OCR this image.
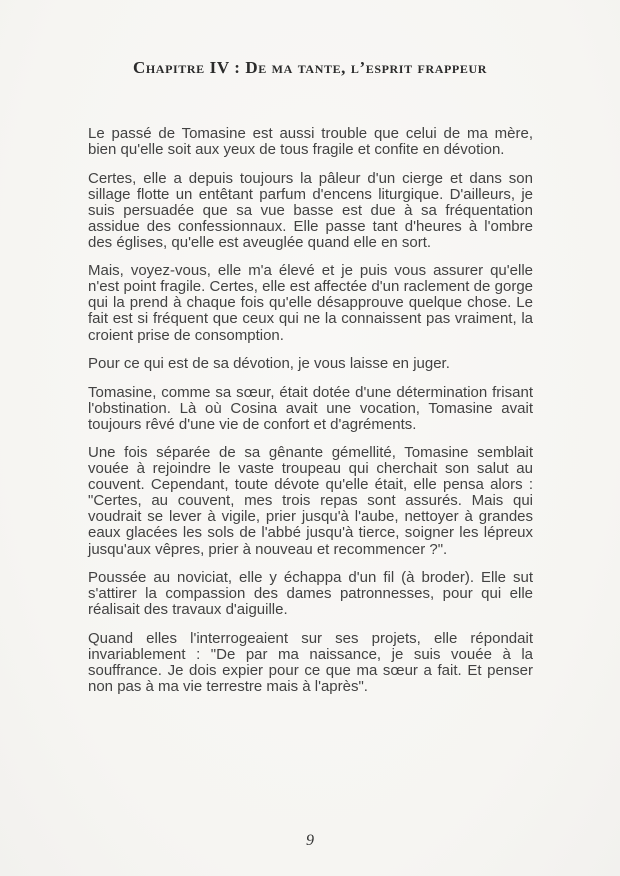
Chapitre IV : De ma tante, l’esprit frappeur

Le passé de Tomasine est aussi trouble que celui de ma mère, bien qu'elle soit aux yeux de tous fragile et confite en dévotion.

Certes, elle a depuis toujours la pâleur d'un cierge et dans son sillage flotte un entêtant parfum d'encens liturgique. D'ailleurs, je suis persuadée que sa vue basse est due à sa fréquentation assidue des confessionnaux. Elle passe tant d'heures à l'ombre des églises, qu'elle est aveuglée quand elle en sort.

Mais, voyez-vous, elle m'a élevé et je puis vous assurer qu'elle n'est point fragile. Certes, elle est affectée d'un raclement de gorge qui la prend à chaque fois qu'elle désapprouve quelque chose. Le fait est si fréquent que ceux qui ne la connaissent pas vraiment, la croient prise de consomption.

Pour ce qui est de sa dévotion, je vous laisse en juger.

Tomasine, comme sa sœur, était dotée d'une détermination frisant l'obstination. Là où Cosina avait une vocation, Tomasine avait toujours rêvé d'une vie de confort et d'agréments.

Une fois séparée de sa gênante gémellité, Tomasine semblait vouée à rejoindre le vaste troupeau qui cherchait son salut au couvent. Cependant, toute dévote qu'elle était, elle pensa alors : "Certes, au couvent, mes trois repas sont assurés. Mais qui voudrait se lever à vigile, prier jusqu'à l'aube, nettoyer à grandes eaux glacées les sols de l'abbé jusqu'à tierce, soigner les lépreux jusqu'aux vêpres, prier à nouveau et recommencer ?".

Poussée au noviciat, elle y échappa d'un fil (à broder). Elle sut s'attirer la compassion des dames patronnesses, pour qui elle réalisait des travaux d'aiguille.

Quand elles l'interrogeaient sur ses projets, elle répondait invariablement : "De par ma naissance, je suis vouée à la souffrance. Je dois expier pour ce que ma sœur a fait. Et penser non pas à ma vie terrestre mais à l'après".

9
